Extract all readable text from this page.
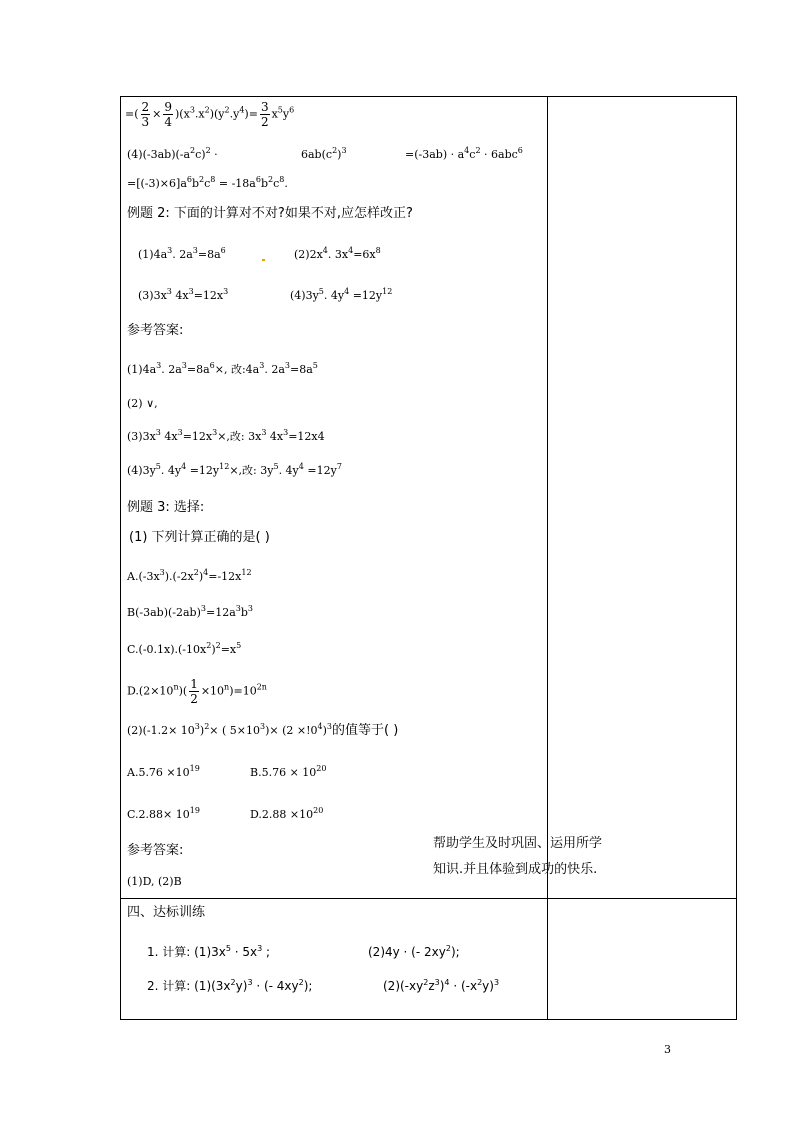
=( $\frac{2}{3} \times \frac{9}{4} )(x^3.x^2)(y^2.y^4)= \frac{3}{2} x^5y^6$
$(4)(-3ab)(-a^2c)^2$ ·	$6ab(c^2)^3$	$=(-3ab) \cdot a^4c^2 \cdot 6abc^6$
$=[(-3)\times 6]a^6b^2c^8 = -18a^6b^2c^8$.
例题 2: 下面的计算对不对?如果不对,应怎样改正?
$(1)4a^3$. $2a^3=8a^6$	$(2)2x^4$. $3x^4=6x^8$
$(3)3x^3$ $4x^3=12x^3$	$(4)3y^5$. $4y^4 =12y^{12}$
参考答案:
$(1)4a^3$. $2a^3=8a^6\times$, 改$:4a^3$. $2a^3=8a^5$
(2) ∨,
$(3)3x^3$ $4x^3=12x^3\times$,改: $3x^3$ $4x^3=12x4$
$(4)3y^5$. $4y^4 =12y^{12}\times$,改: $3y^5$. $4y^4 =12y^7$
例题 3: 选择:
(1) 下列计算正确的是( )
$A.(-3x^3).(-2x^2)^4=-12x^{12}$
$B(-3ab)(-2ab)^3=12a^3b^3$
$C.(-0.1x).(-10x^2)^2=x^5$
$D.(2\times 10^n)( \frac{1}{2} \times 10^n)=10^{2n}$
$(2)(-1.2\times 10^3)^2\times$ ( $5\times 10^3)\times (2 \times!0^4)^3$的值等于( )
$A.5.76 \times 10^{19}$	$B.5.76 \times 10^{20}$
$C.2.88\times 10^{19}$	$D.2.88 \times 10^{20}$
参考答案:
(1)D, (2)B
四、达标训练
1. 计算: $(1)3x^5 \cdot 5x^3$ ;	(2)4y · (- $2xy^2$);
2. 计算: $(1)(3x^2y)^3$ · (- $4xy^2$);	$(2)(-xy^2z^3)^4 \cdot (-x^2y)^3$
帮助学生及时巩固、运用所学知识.并且体验到成功的快乐.
3
